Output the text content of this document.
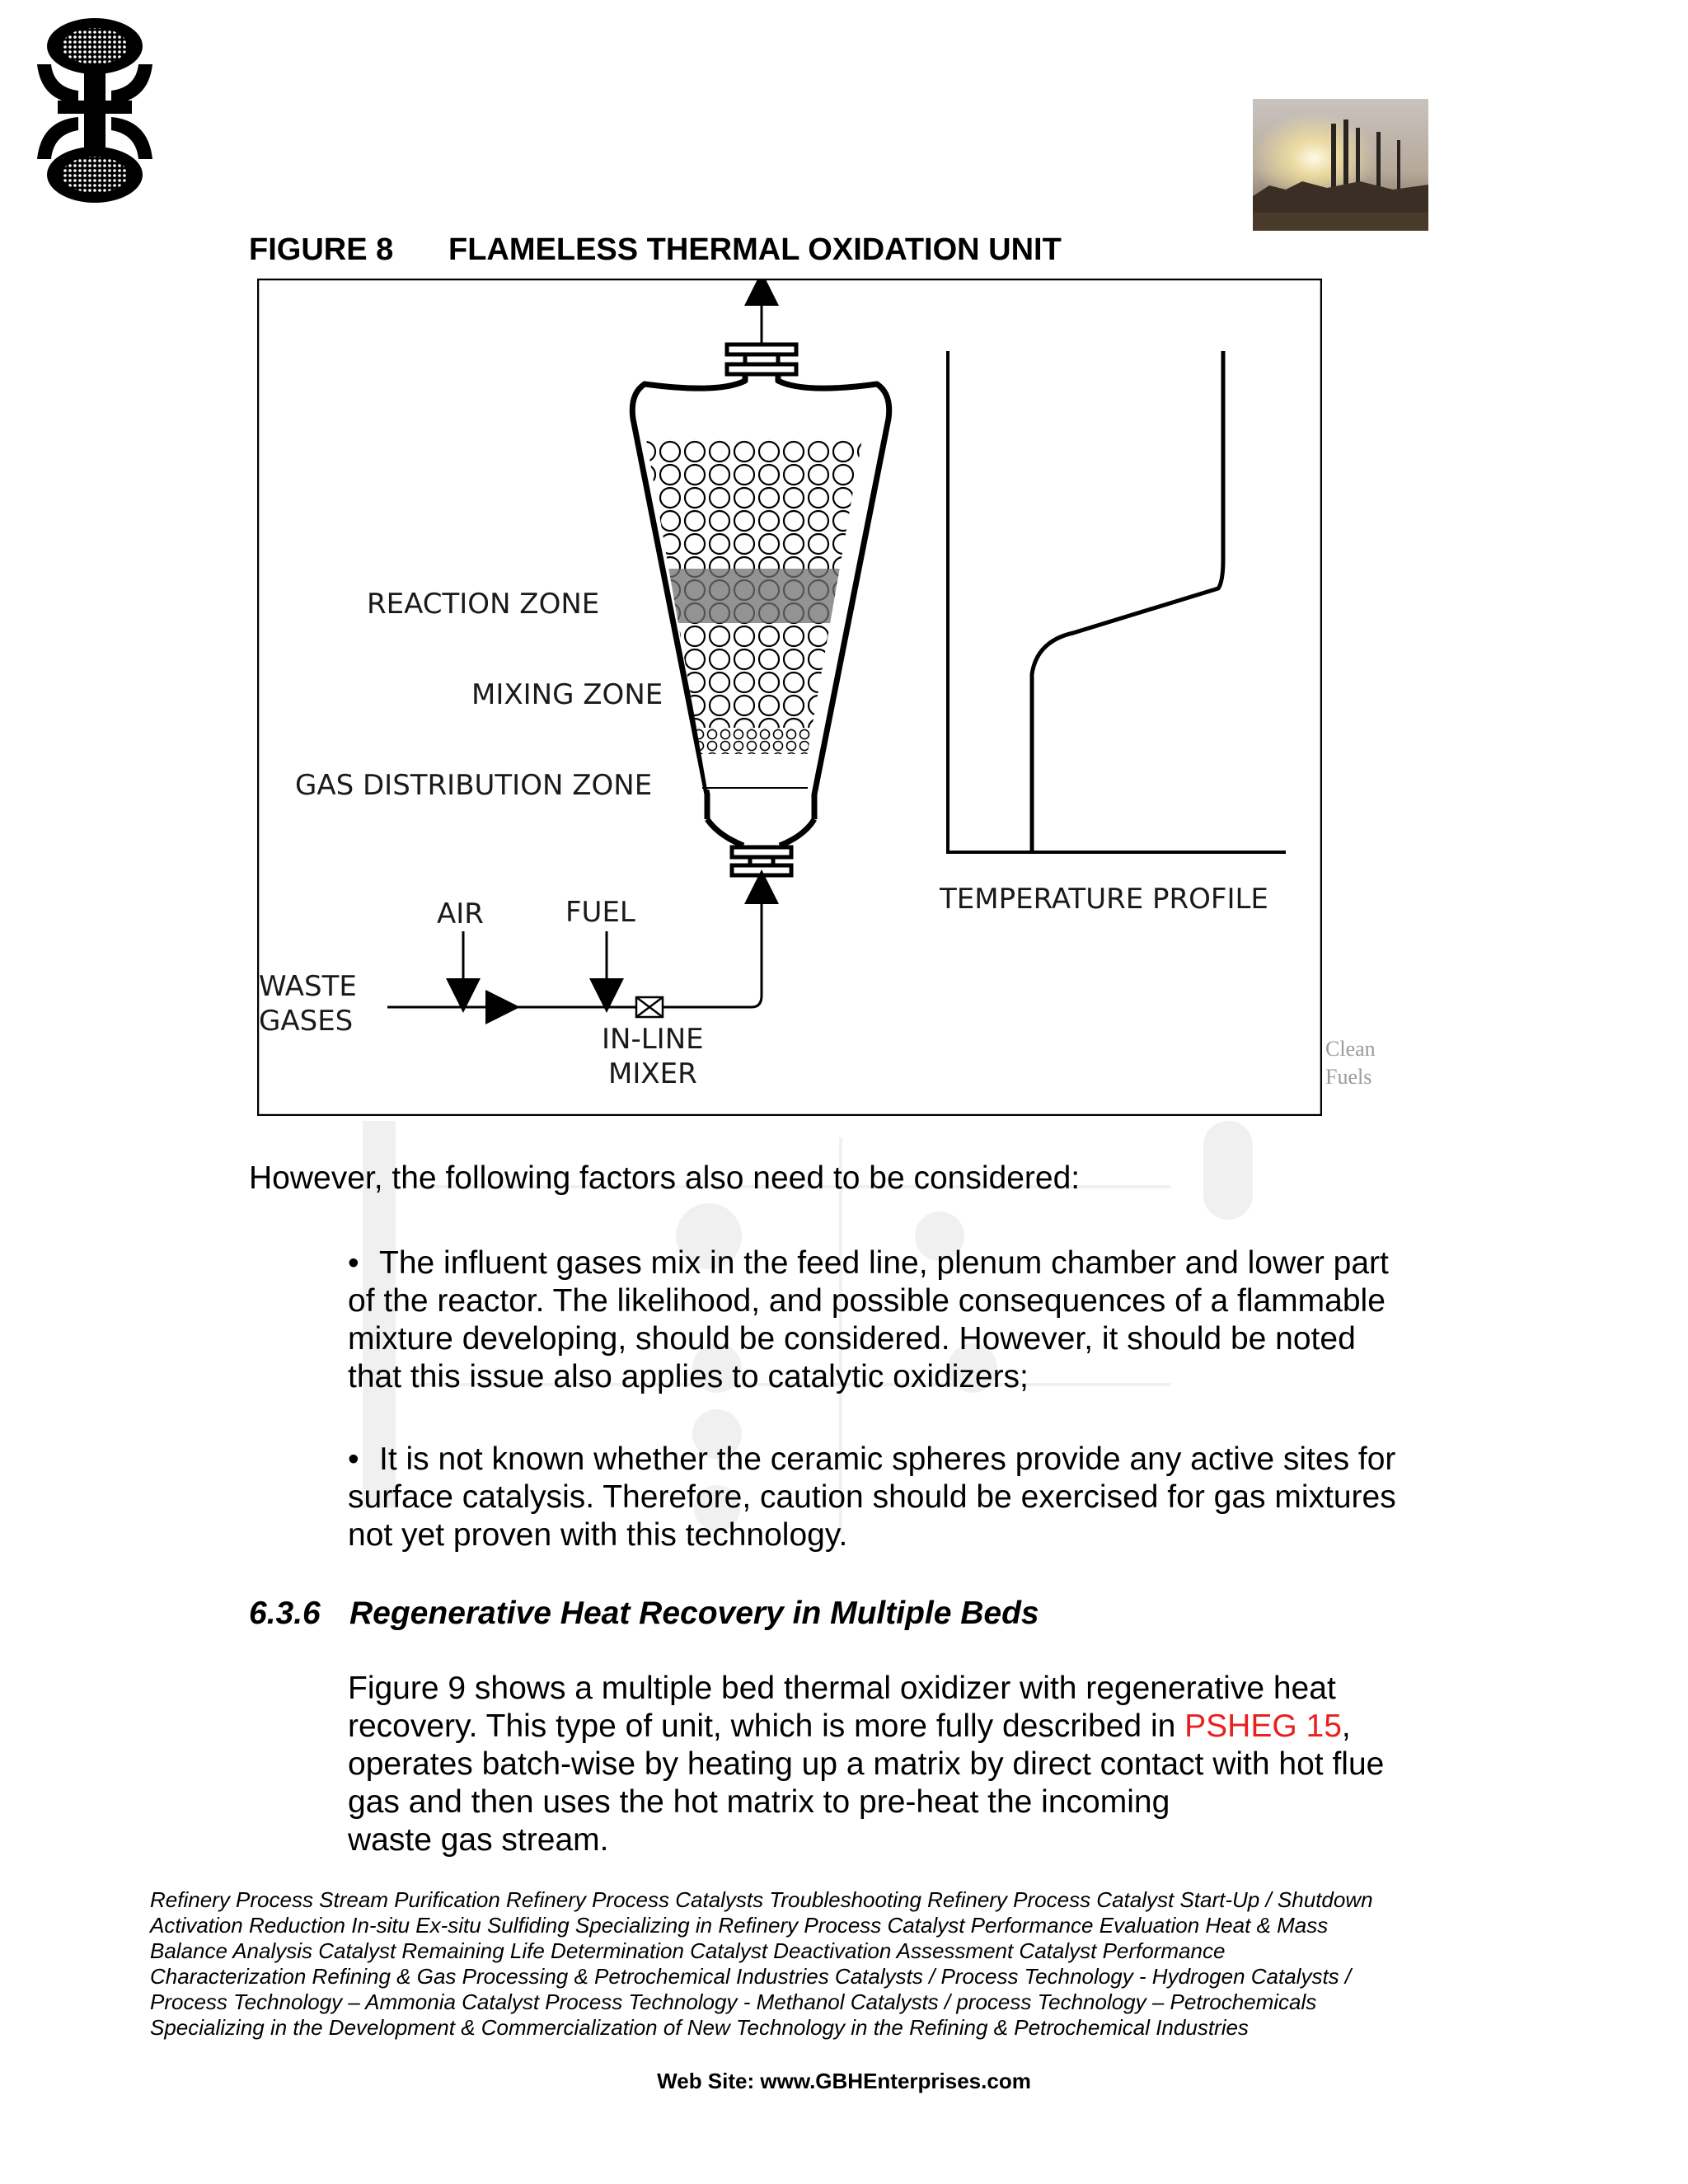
FIGURE 8 FLAMELESS THERMAL OXIDATION UNIT
Clean
Fuels
REACTION ZONE
MIXING ZONE
GAS DISTRIBUTION ZONE
AIR	FUEL
WASTE
GASES
IN-LINE
MIXER
TEMPERATURE PROFILE
However, the following factors also need to be considered:
• The influent gases mix in the feed line, plenum chamber and lower part
of the reactor. The likelihood, and possible consequences of a flammable
mixture developing, should be considered. However, it should be noted
that this issue also applies to catalytic oxidizers;
• It is not known whether the ceramic spheres provide any active sites for
surface catalysis. Therefore, caution should be exercised for gas mixtures
not yet proven with this technology.
6.3.6 Regenerative Heat Recovery in Multiple Beds
Figure 9 shows a multiple bed thermal oxidizer with regenerative heat
recovery. This type of unit, which is more fully described in PSHEG 15,
operates batch-wise by heating up a matrix by direct contact with hot flue
gas and then uses the hot matrix to pre-heat the incoming
waste gas stream.
Refinery Process Stream Purification Refinery Process Catalysts Troubleshooting Refinery Process Catalyst Start-Up / Shutdown
Activation Reduction In-situ Ex-situ Sulfiding Specializing in Refinery Process Catalyst Performance Evaluation Heat & Mass
Balance Analysis Catalyst Remaining Life Determination Catalyst Deactivation Assessment Catalyst Performance
Characterization Refining & Gas Processing & Petrochemical Industries Catalysts / Process Technology - Hydrogen Catalysts /
Process Technology – Ammonia Catalyst Process Technology - Methanol Catalysts / process Technology – Petrochemicals
Specializing in the Development & Commercialization of New Technology in the Refining & Petrochemical Industries
Web Site: www.GBHEnterprises.com
